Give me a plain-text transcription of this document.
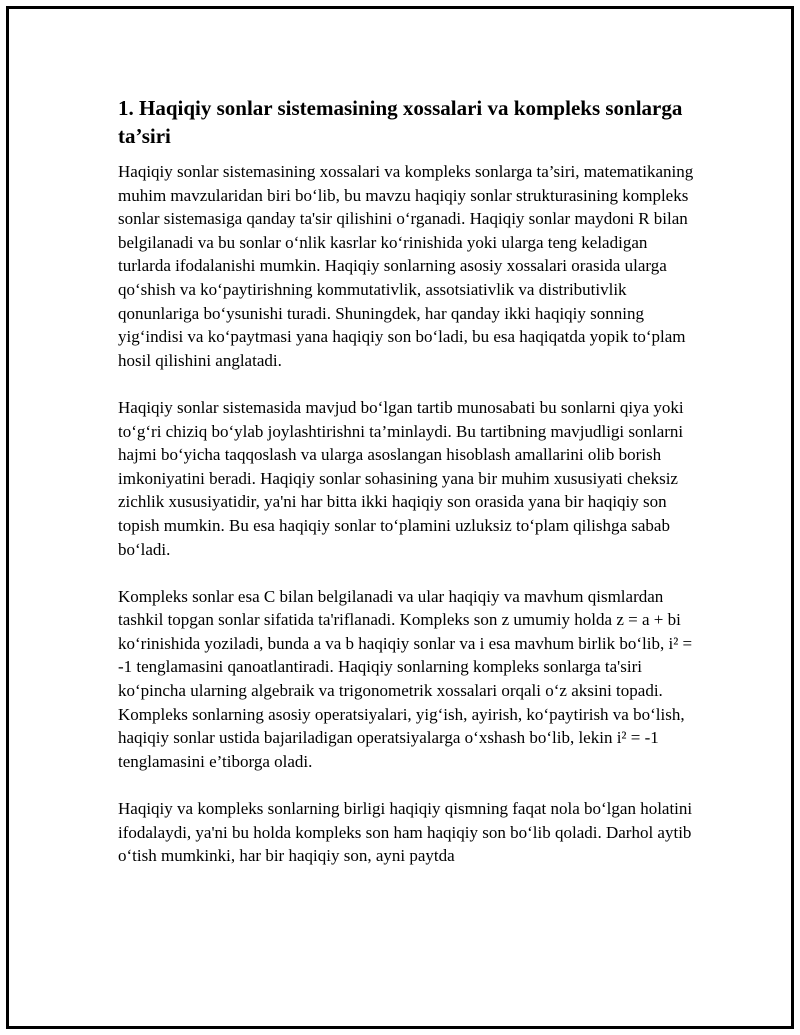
1. Haqiqiy sonlar sistemasining xossalari va kompleks sonlarga ta’siri

Haqiqiy sonlar sistemasining xossalari va kompleks sonlarga ta’siri, matematikaning muhim mavzularidan biri bo‘lib, bu mavzu haqiqiy sonlar strukturasining kompleks sonlar sistemasiga qanday ta'sir qilishini o‘rganadi. Haqiqiy sonlar maydoni R bilan belgilanadi va bu sonlar o‘nlik kasrlar ko‘rinishida yoki ularga teng keladigan turlarda ifodalanishi mumkin. Haqiqiy sonlarning asosiy xossalari orasida ularga qo‘shish va ko‘paytirishning kommutativlik, assotsiativlik va distributivlik qonunlariga bo‘ysunishi turadi. Shuningdek, har qanday ikki haqiqiy sonning yig‘indisi va ko‘paytmasi yana haqiqiy son bo‘ladi, bu esa haqiqatda yopik to‘plam hosil qilishini anglatadi.

Haqiqiy sonlar sistemasida mavjud bo‘lgan tartib munosabati bu sonlarni qiya yoki to‘g‘ri chiziq bo‘ylab joylashtirishni ta’minlaydi. Bu tartibning mavjudligi sonlarni hajmi bo‘yicha taqqoslash va ularga asoslangan hisoblash amallarini olib borish imkoniyatini beradi. Haqiqiy sonlar sohasining yana bir muhim xususiyati cheksiz zichlik xususiyatidir, ya'ni har bitta ikki haqiqiy son orasida yana bir haqiqiy son topish mumkin. Bu esa haqiqiy sonlar to‘plamini uzluksiz to‘plam qilishga sabab bo‘ladi.

Kompleks sonlar esa C bilan belgilanadi va ular haqiqiy va mavhum qismlardan tashkil topgan sonlar sifatida ta'riflanadi. Kompleks son z umumiy holda z = a + bi ko‘rinishida yoziladi, bunda a va b haqiqiy sonlar va i esa mavhum birlik bo‘lib, i² = -1 tenglamasini qanoatlantiradi. Haqiqiy sonlarning kompleks sonlarga ta'siri ko‘pincha ularning algebraik va trigonometrik xossalari orqali o‘z aksini topadi. Kompleks sonlarning asosiy operatsiyalari, yig‘ish, ayirish, ko‘paytirish va bo‘lish, haqiqiy sonlar ustida bajariladigan operatsiyalarga o‘xshash bo‘lib, lekin i² = -1 tenglamasini e’tiborga oladi.

Haqiqiy va kompleks sonlarning birligi haqiqiy qismning faqat nola bo‘lgan holatini ifodalaydi, ya'ni bu holda kompleks son ham haqiqiy son bo‘lib qoladi. Darhol aytib o‘tish mumkinki, har bir haqiqiy son, ayni paytda
